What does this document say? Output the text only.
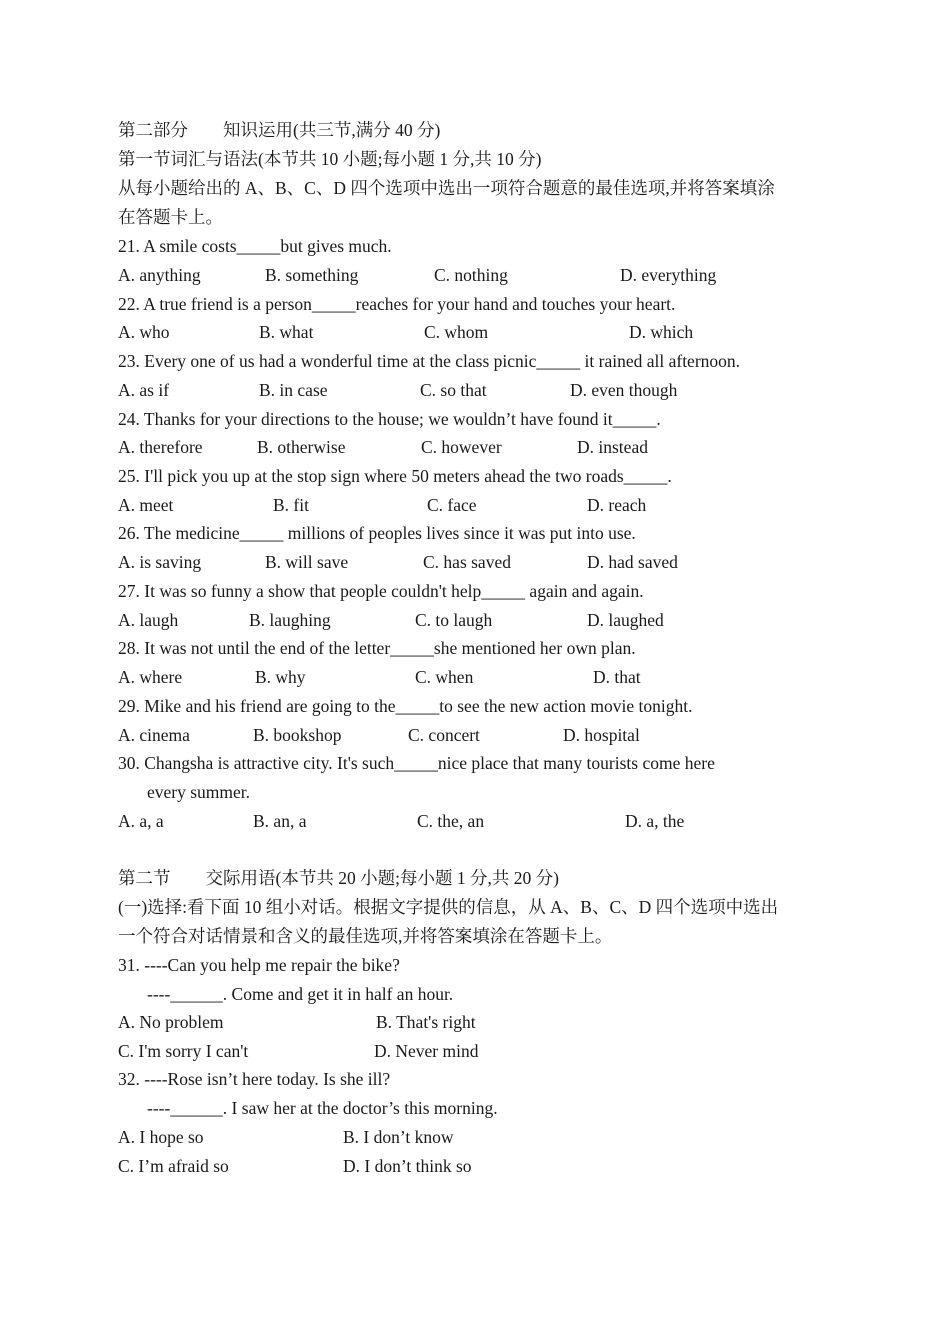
第二部分　　知识运用(共三节,满分 40 分)
第一节词汇与语法(本节共 10 小题;每小题 1 分,共 10 分)
从每小题给出的 A、B、C、D 四个选项中选出一项符合题意的最佳选项,并将答案填涂
在答题卡上。
21. A smile costs_____but gives much.
A. anything	B. something	C. nothing	D. everything
22. A true friend is a person_____reaches for your hand and touches your heart.
A. who	B. what	C. whom	D. which
23. Every one of us had a wonderful time at the class picnic_____ it rained all afternoon.
A. as if	B. in case	C. so that	D. even though
24. Thanks for your directions to the house; we wouldn’t have found it_____.
A. therefore	B. otherwise	C. however	D. instead
25. I'll pick you up at the stop sign where 50 meters ahead the two roads_____.
A. meet	B. fit	C. face	D. reach
26. The medicine_____ millions of peoples lives since it was put into use.
A. is saving	B. will save	C. has saved	D. had saved
27. It was so funny a show that people couldn't help_____ again and again.
A. laugh	B. laughing	C. to laugh	D. laughed
28. It was not until the end of the letter_____she mentioned her own plan.
A. where	B. why	C. when	D. that
29. Mike and his friend are going to the_____to see the new action movie tonight.
A. cinema	B. bookshop	C. concert	D. hospital
30. Changsha is attractive city. It's such_____nice place that many tourists come here
every summer.
A. a, a	B. an, a	C. the, an	D. a, the
第二节　　交际用语(本节共 20 小题;每小题 1 分,共 20 分)
(一)选择:看下面 10 组小对话。根据文字提供的信息，从 A、B、C、D 四个选项中选出
一个符合对话情景和含义的最佳选项,并将答案填涂在答题卡上。
31. ----Can you help me repair the bike?
----______. Come and get it in half an hour.
A. No problem	B. That's right
C. I'm sorry I can't	D. Never mind
32. ----Rose isn’t here today. Is she ill?
----______. I saw her at the doctor’s this morning.
A. I hope so	B. I don’t know
C. I’m afraid so	D. I don’t think so
